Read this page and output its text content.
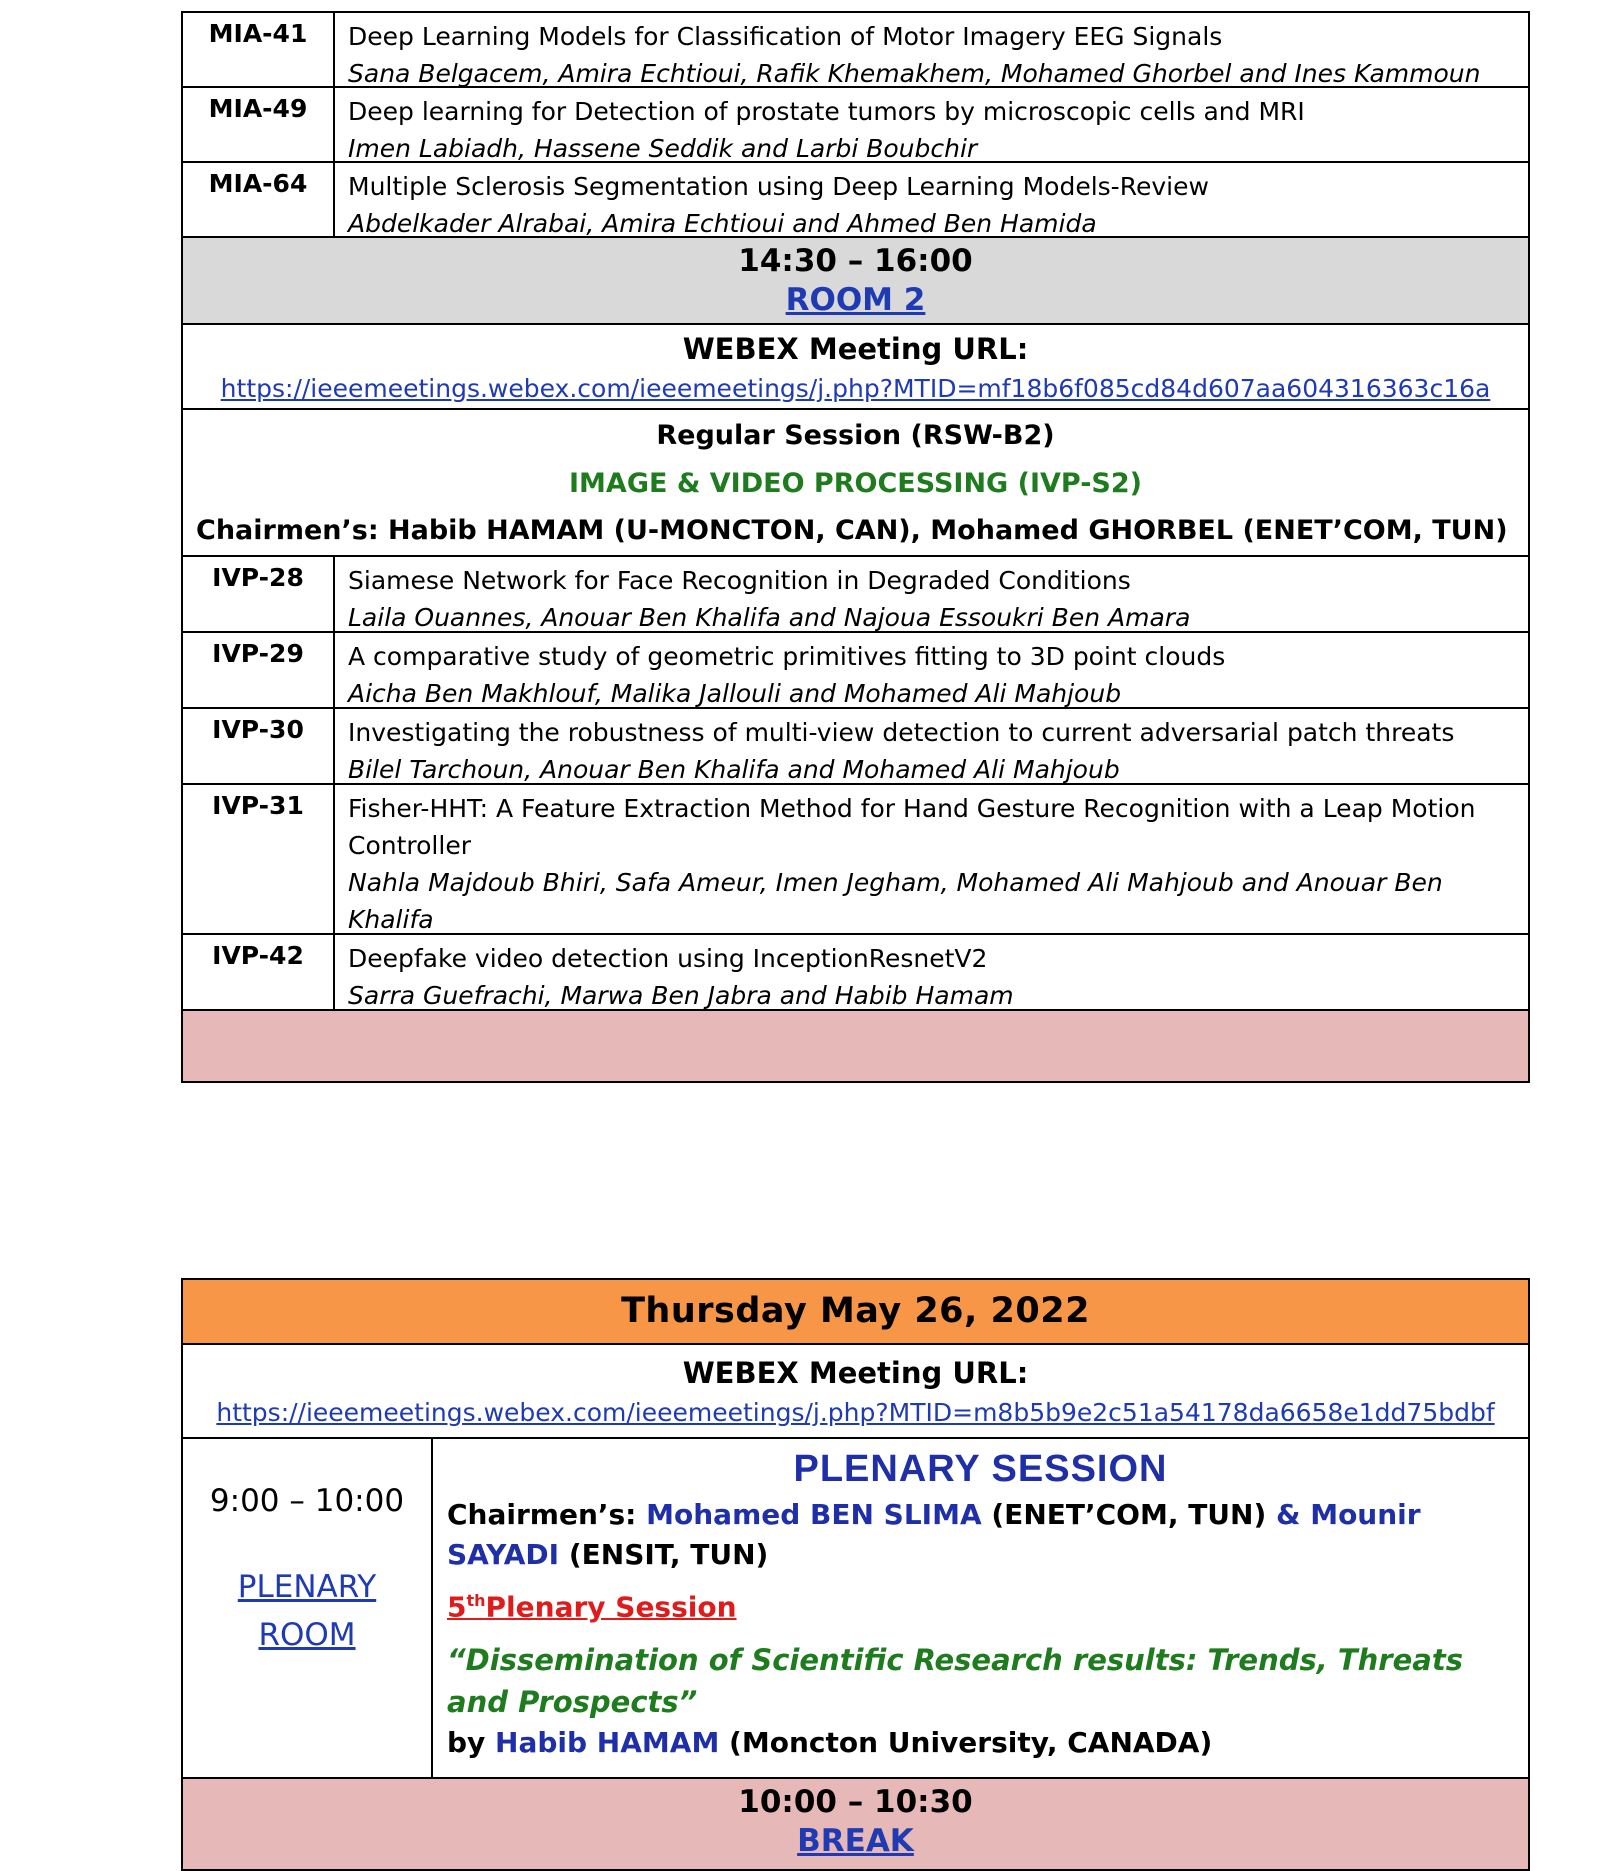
MIA-41	Deep Learning Models for Classification of Motor Imagery EEG Signals
Sana Belgacem, Amira Echtioui, Rafik Khemakhem, Mohamed Ghorbel and Ines Kammoun
MIA-49	Deep learning for Detection of prostate tumors by microscopic cells and MRI
Imen Labiadh, Hassene Seddik and Larbi Boubchir
MIA-64	Multiple Sclerosis Segmentation using Deep Learning Models-Review
Abdelkader Alrabai, Amira Echtioui and Ahmed Ben Hamida
14:30 – 16:00
ROOM 2
WEBEX Meeting URL:
https://ieeemeetings.webex.com/ieeemeetings/j.php?MTID=mf18b6f085cd84d607aa604316363c16a
Regular Session (RSW-B2)
IMAGE & VIDEO PROCESSING (IVP-S2)
Chairmen’s: Habib HAMAM (U-MONCTON, CAN), Mohamed GHORBEL (ENET’COM, TUN)
IVP-28	Siamese Network for Face Recognition in Degraded Conditions
Laila Ouannes, Anouar Ben Khalifa and Najoua Essoukri Ben Amara
IVP-29	A comparative study of geometric primitives fitting to 3D point clouds
Aicha Ben Makhlouf, Malika Jallouli and Mohamed Ali Mahjoub
IVP-30	Investigating the robustness of multi-view detection to current adversarial patch threats
Bilel Tarchoun, Anouar Ben Khalifa and Mohamed Ali Mahjoub
IVP-31	Fisher-HHT: A Feature Extraction Method for Hand Gesture Recognition with a Leap Motion Controller
Nahla Majdoub Bhiri, Safa Ameur, Imen Jegham, Mohamed Ali Mahjoub and Anouar Ben Khalifa
IVP-42	Deepfake video detection using InceptionResnetV2
Sarra Guefrachi, Marwa Ben Jabra and Habib Hamam
Thursday May 26, 2022
WEBEX Meeting URL:
https://ieeemeetings.webex.com/ieeemeetings/j.php?MTID=m8b5b9e2c51a54178da6658e1dd75bdbf
9:00 – 10:00
PLENARY
ROOM
PLENARY SESSION
Chairmen’s: Mohamed BEN SLIMA (ENET’COM, TUN) & Mounir SAYADI (ENSIT, TUN)
5thPlenary Session
“Dissemination of Scientific Research results: Trends, Threats and Prospects”
by Habib HAMAM (Moncton University, CANADA)
10:00 – 10:30
BREAK
